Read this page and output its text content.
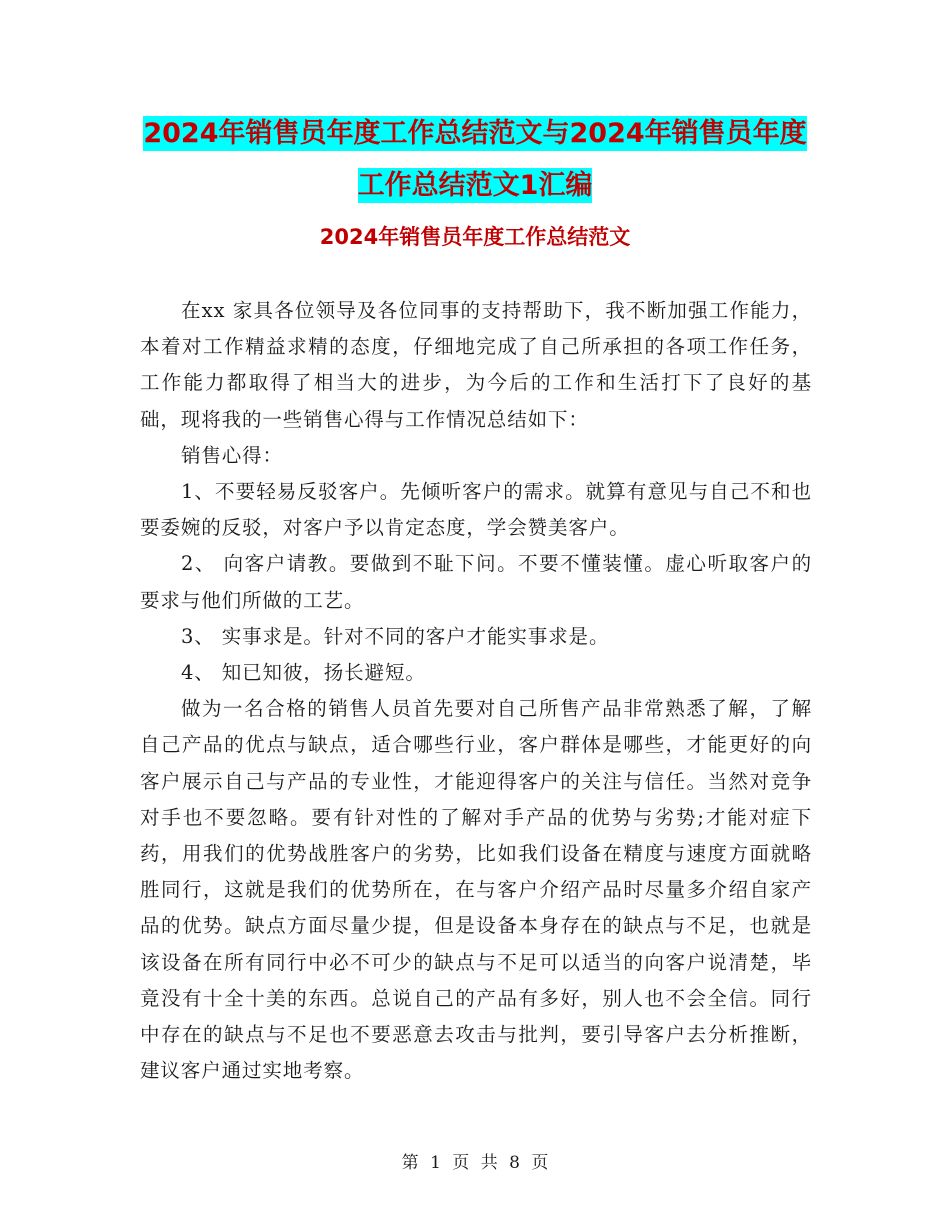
2024年销售员年度工作总结范文与2024年销售员年度
工作总结范文1汇编
2024年销售员年度工作总结范文

在xx 家具各位领导及各位同事的支持帮助下，我不断加强工作能力，本着对工作精益求精的态度，仔细地完成了自己所承担的各项工作任务，工作能力都取得了相当大的进步，为今后的工作和生活打下了良好的基础，现将我的一些销售心得与工作情况总结如下：

销售心得：

1、不要轻易反驳客户。先倾听客户的需求。就算有意见与自己不和也要委婉的反驳，对客户予以肯定态度，学会赞美客户。

2、 向客户请教。要做到不耻下问。不要不懂装懂。虚心听取客户的要求与他们所做的工艺。

3、 实事求是。针对不同的客户才能实事求是。

4、 知已知彼，扬长避短。

做为一名合格的销售人员首先要对自己所售产品非常熟悉了解，了解自己产品的优点与缺点，适合哪些行业，客户群体是哪些，才能更好的向客户展示自己与产品的专业性，才能迎得客户的关注与信任。当然对竞争对手也不要忽略。要有针对性的了解对手产品的优势与劣势;才能对症下药，用我们的优势战胜客户的劣势，比如我们设备在精度与速度方面就略胜同行，这就是我们的优势所在，在与客户介绍产品时尽量多介绍自家产品的优势。缺点方面尽量少提，但是设备本身存在的缺点与不足，也就是该设备在所有同行中必不可少的缺点与不足可以适当的向客户说清楚，毕竟没有十全十美的东西。总说自己的产品有多好，别人也不会全信。同行中存在的缺点与不足也不要恶意去攻击与批判，要引导客户去分析推断，建议客户通过实地考察。

第 1 页 共 8 页
